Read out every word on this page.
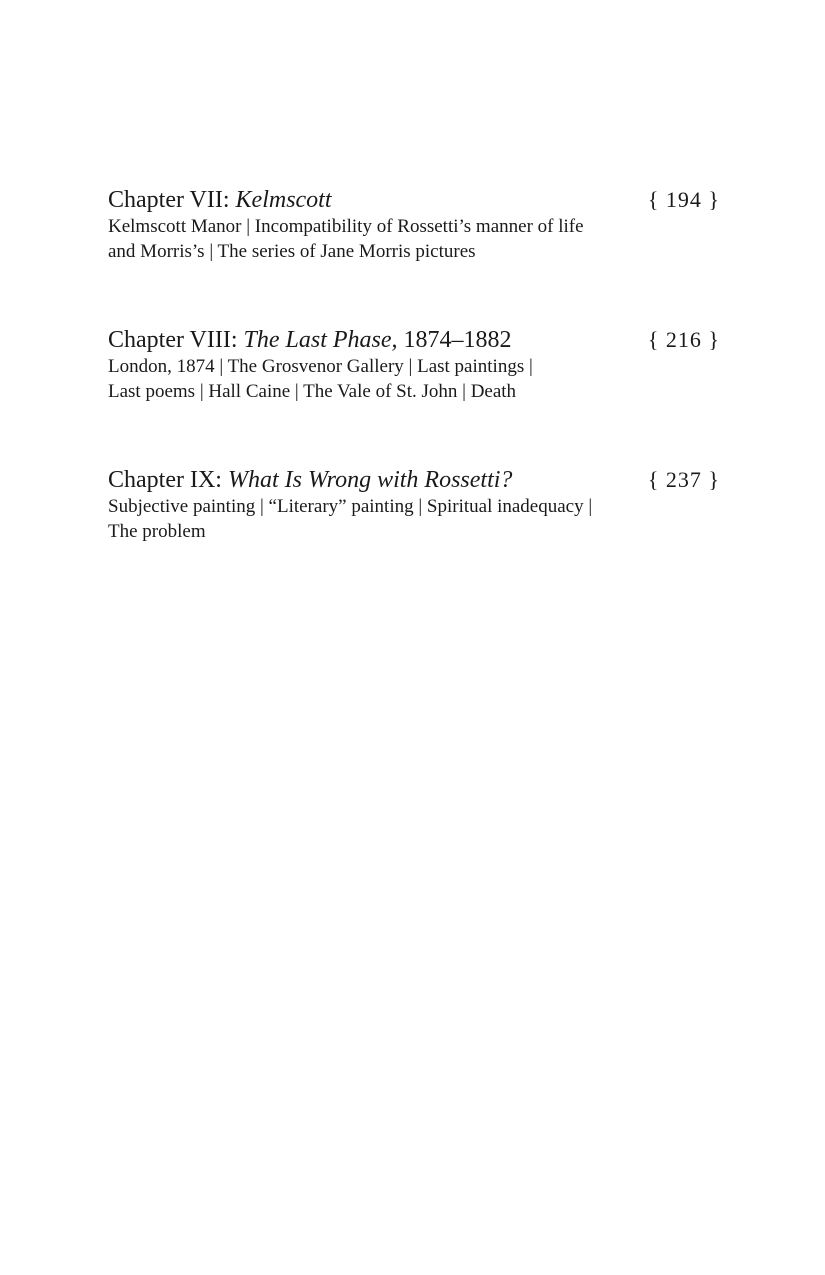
Chapter VII: Kelmscott	{ 194 }
Kelmscott Manor | Incompatibility of Rossetti’s manner of life
and Morris’s | The series of Jane Morris pictures
Chapter VIII: The Last Phase, 1874–1882	{ 216 }
London, 1874 | The Grosvenor Gallery | Last paintings |
Last poems | Hall Caine | The Vale of St. John | Death
Chapter IX: What Is Wrong with Rossetti?	{ 237 }
Subjective painting | “Literary” painting | Spiritual inadequacy |
The problem
